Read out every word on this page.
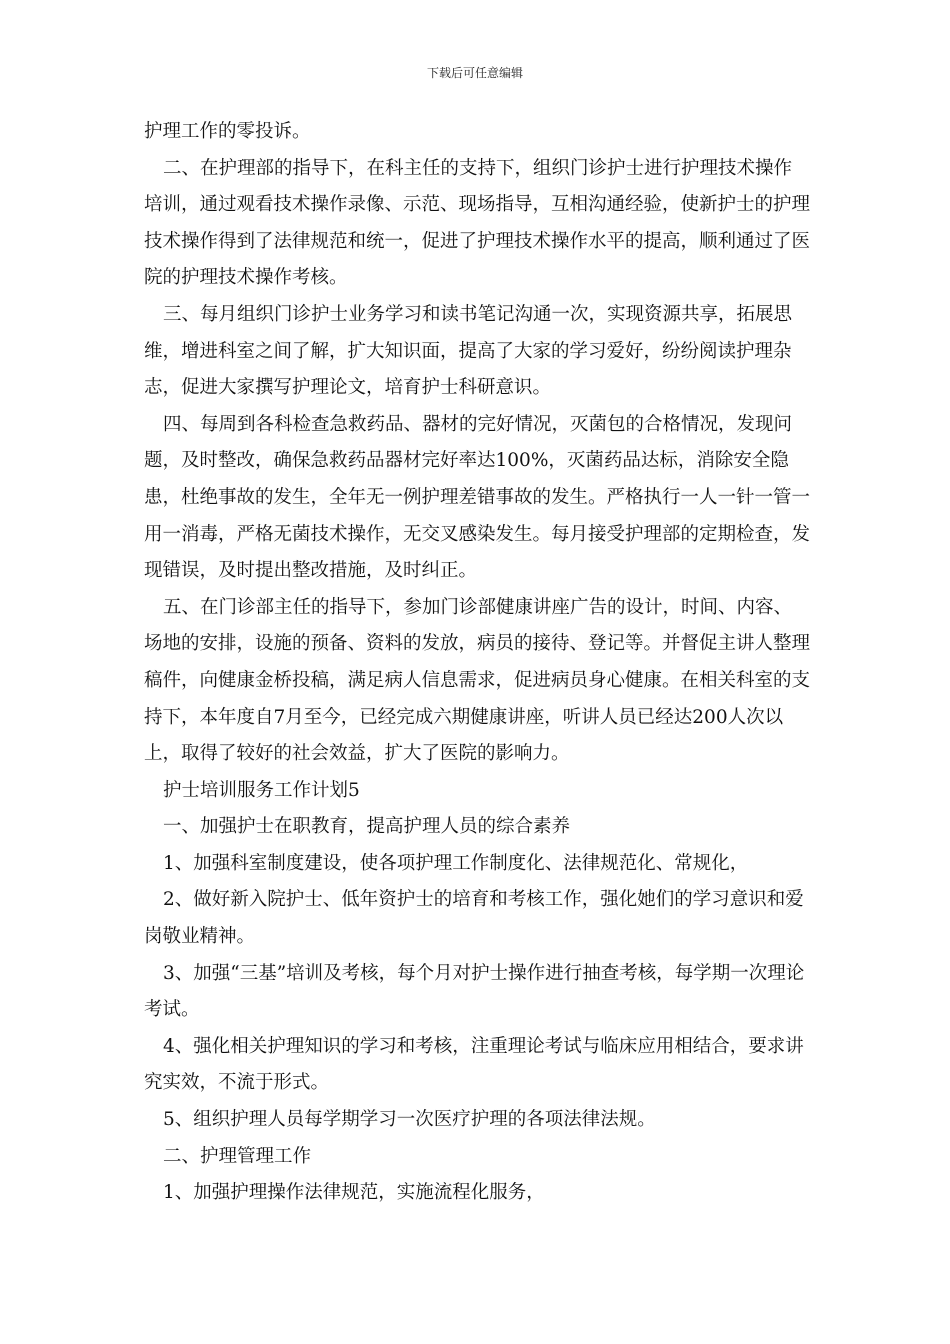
下载后可任意编辑

护理工作的零投诉。

二、在护理部的指导下，在科主任的支持下，组织门诊护士进行护理技术操作培训，通过观看技术操作录像、示范、现场指导，互相沟通经验，使新护士的护理技术操作得到了法律规范和统一，促进了护理技术操作水平的提高，顺利通过了医院的护理技术操作考核。

三、每月组织门诊护士业务学习和读书笔记沟通一次，实现资源共享，拓展思维，增进科室之间了解，扩大知识面，提高了大家的学习爱好，纷纷阅读护理杂志，促进大家撰写护理论文，培育护士科研意识。

四、每周到各科检查急救药品、器材的完好情况，灭菌包的合格情况，发现问题，及时整改，确保急救药品器材完好率达100%，灭菌药品达标，消除安全隐患，杜绝事故的发生，全年无一例护理差错事故的发生。严格执行一人一针一管一用一消毒，严格无菌技术操作，无交叉感染发生。每月接受护理部的定期检查，发现错误，及时提出整改措施，及时纠正。

五、在门诊部主任的指导下，参加门诊部健康讲座广告的设计，时间、内容、场地的安排，设施的预备、资料的发放，病员的接待、登记等。并督促主讲人整理稿件，向健康金桥投稿，满足病人信息需求，促进病员身心健康。在相关科室的支持下，本年度自7月至今，已经完成六期健康讲座，听讲人员已经达200人次以上，取得了较好的社会效益，扩大了医院的影响力。

护士培训服务工作计划5

一、加强护士在职教育，提高护理人员的综合素养

1、加强科室制度建设，使各项护理工作制度化、法律规范化、常规化，

2、做好新入院护士、低年资护士的培育和考核工作，强化她们的学习意识和爱岗敬业精神。

3、加强“三基”培训及考核，每个月对护士操作进行抽查考核，每学期一次理论考试。

4、强化相关护理知识的学习和考核，注重理论考试与临床应用相结合，要求讲究实效，不流于形式。

5、组织护理人员每学期学习一次医疗护理的各项法律法规。

二、护理管理工作

1、加强护理操作法律规范，实施流程化服务，
